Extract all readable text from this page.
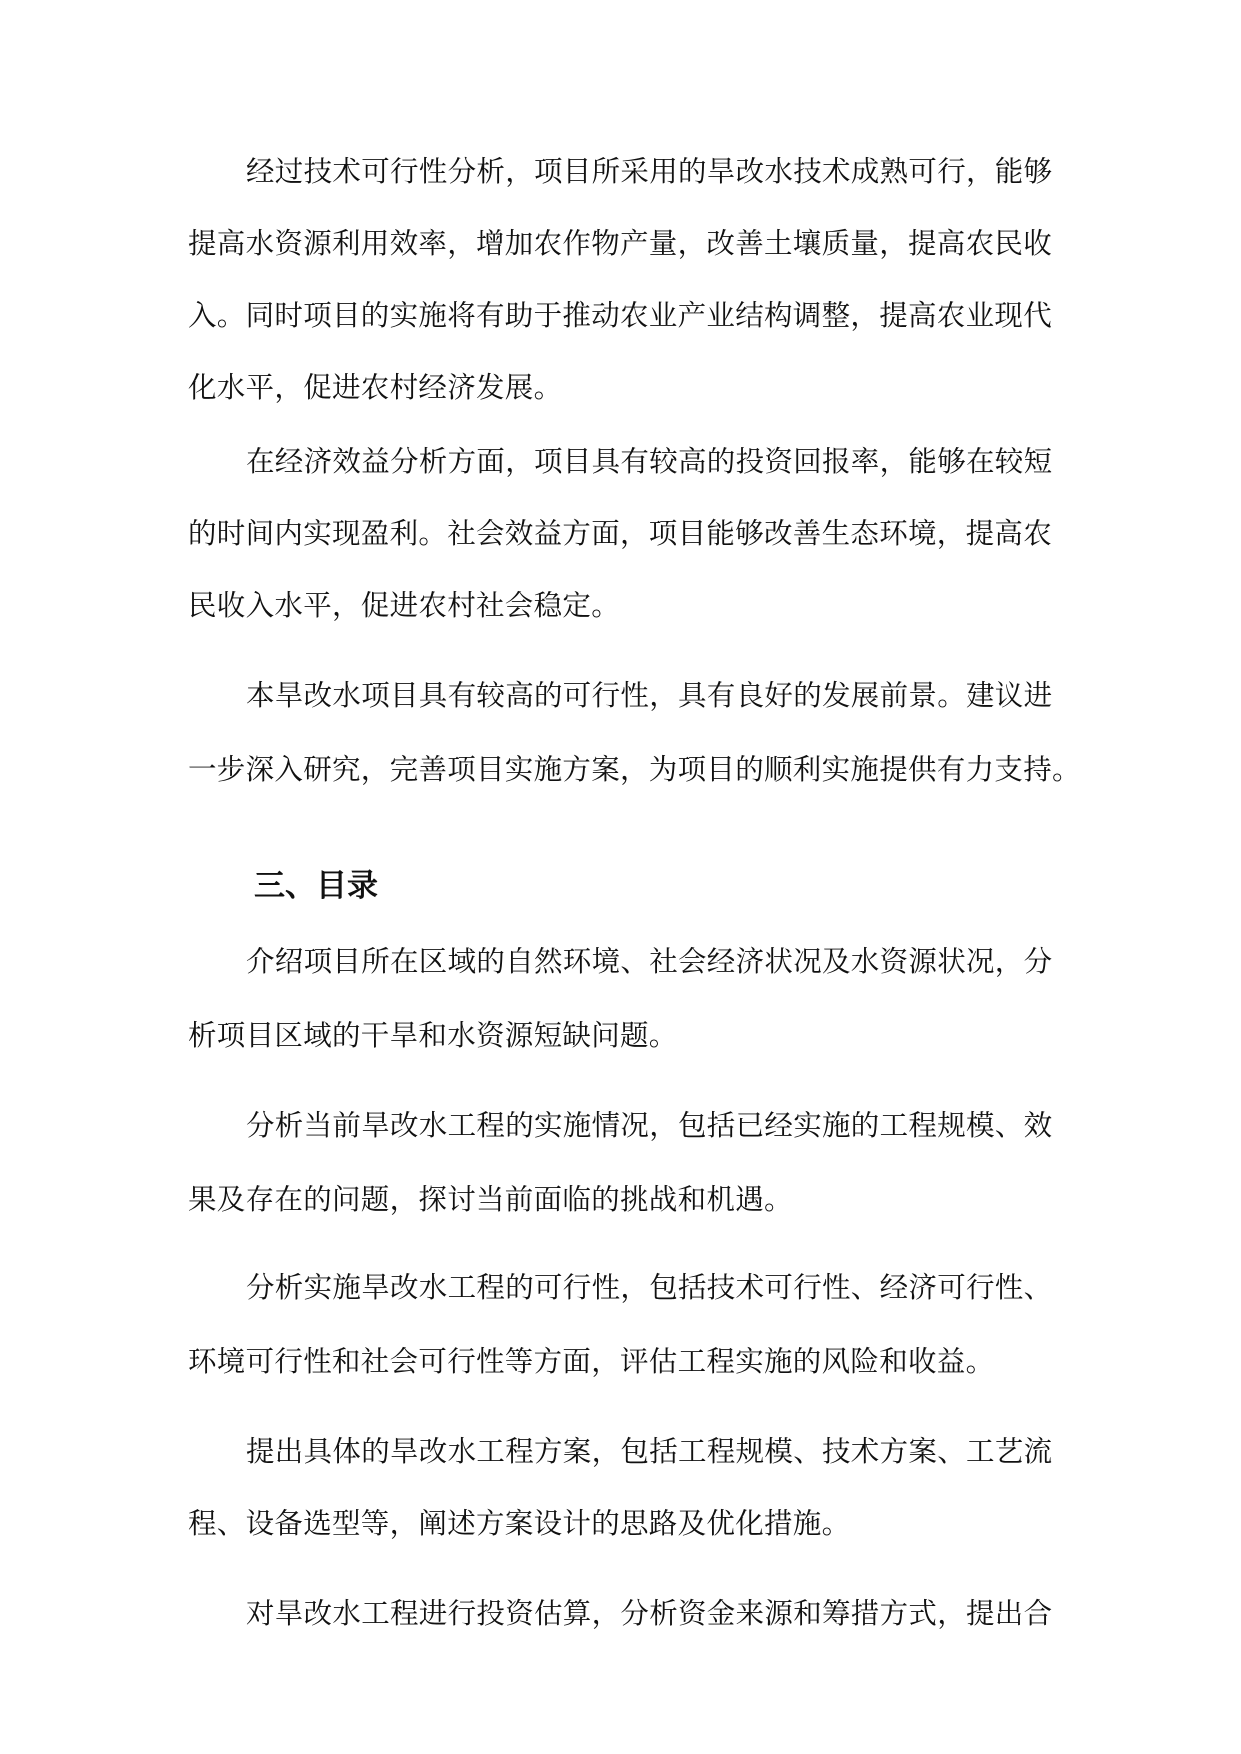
经过技术可行性分析，项目所采用的旱改水技术成熟可行，能够
提高水资源利用效率，增加农作物产量，改善土壤质量，提高农民收
入。同时项目的实施将有助于推动农业产业结构调整，提高农业现代
化水平，促进农村经济发展。
在经济效益分析方面，项目具有较高的投资回报率，能够在较短
的时间内实现盈利。社会效益方面，项目能够改善生态环境，提高农
民收入水平，促进农村社会稳定。
本旱改水项目具有较高的可行性，具有良好的发展前景。建议进
一步深入研究，完善项目实施方案，为项目的顺利实施提供有力支持。
三、目录
介绍项目所在区域的自然环境、社会经济状况及水资源状况，分
析项目区域的干旱和水资源短缺问题。
分析当前旱改水工程的实施情况，包括已经实施的工程规模、效
果及存在的问题，探讨当前面临的挑战和机遇。
分析实施旱改水工程的可行性，包括技术可行性、经济可行性、
环境可行性和社会可行性等方面，评估工程实施的风险和收益。
提出具体的旱改水工程方案，包括工程规模、技术方案、工艺流
程、设备选型等，阐述方案设计的思路及优化措施。
对旱改水工程进行投资估算，分析资金来源和筹措方式，提出合
